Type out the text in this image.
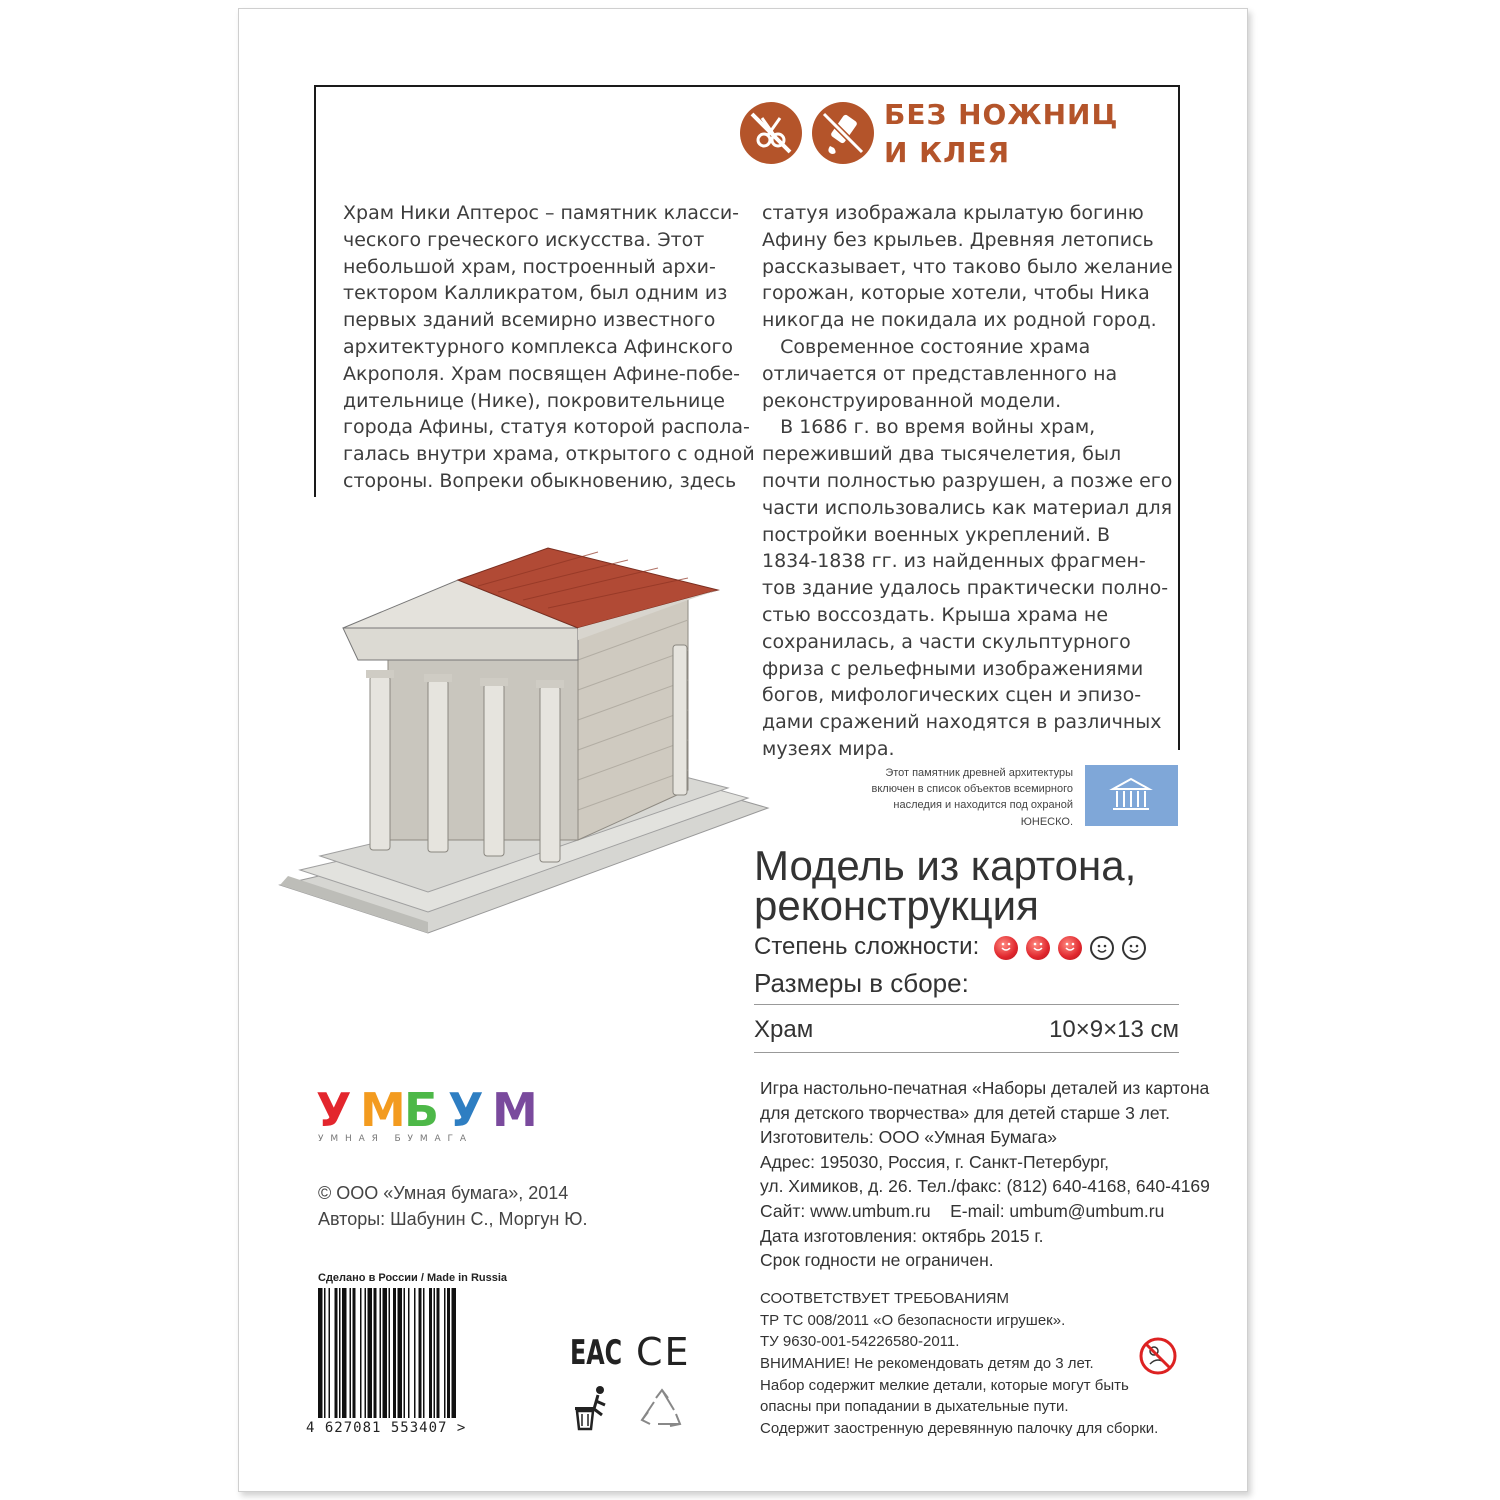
БЕЗ НОЖНИЦ
И КЛЕЯ
Храм Ники Аптерос – памятник класси-
ческого греческого искусства. Этот
небольшой храм, построенный архи-
тектором Калликратом, был одним из
первых зданий всемирно известного
архитектурного комплекса Афинского
Акрополя. Храм посвящен Афине-побе-
дительнице (Нике), покровительнице
города Афины, статуя которой распола-
галась внутри храма, открытого с одной
стороны. Вопреки обыкновению, здесь
статуя изображала крылатую богиню
Афину без крыльев. Древняя летопись
рассказывает, что таково было желание
горожан, которые хотели, чтобы Ника
никогда не покидала их родной город.
Современное состояние храма
отличается от представленного на
реконструированной модели.
В 1686 г. во время войны храм,
переживший два тысячелетия, был
почти полностью разрушен, а позже его
части использовались как материал для
постройки военных укреплений. В
1834-1838 гг. из найденных фрагмен-
тов здание удалось практически полно-
стью воссоздать. Крыша храма не
сохранилась, а части скульптурного
фриза с рельефными изображениями
богов, мифологических сцен и эпизо-
дами сражений находятся в различных
музеях мира.
Этот памятник древней архитектуры
включен в список объектов всемирного
наследия и находится под охраной
ЮНЕСКО.
Модель из картона,
реконструкция
Степень сложности:
Размеры в сборе:
Храм	10×9×13 см
Игра настольно-печатная «Наборы деталей из картона
для детского творчества» для детей старше 3 лет.
Изготовитель: ООО «Умная Бумага»
Адрес: 195030, Россия, г. Санкт-Петербург,
ул. Химиков, д. 26. Тел./факс: (812) 640-4168, 640-4169
Сайт: www.umbum.ru    E-mail: umbum@umbum.ru
Дата изготовления: октябрь 2015 г.
Срок годности не ограничен.
СООТВЕТСТВУЕТ ТРЕБОВАНИЯМ
ТР ТС 008/2011 «О безопасности игрушек».
ТУ 9630-001-54226580-2011.
ВНИМАНИЕ! Не рекомендовать детям до 3 лет.
Набор содержит мелкие детали, которые могут быть
опасны при попадании в дыхательные пути.
Содержит заостренную деревянную палочку для сборки.
У М
Б У М
У М Н А Я   Б У М А Г А
© ООО «Умная бумага», 2014
Авторы: Шабунин С., Моргун Ю.
Сделано в России / Made in Russia
4 627081 553407 >
EAC CE
